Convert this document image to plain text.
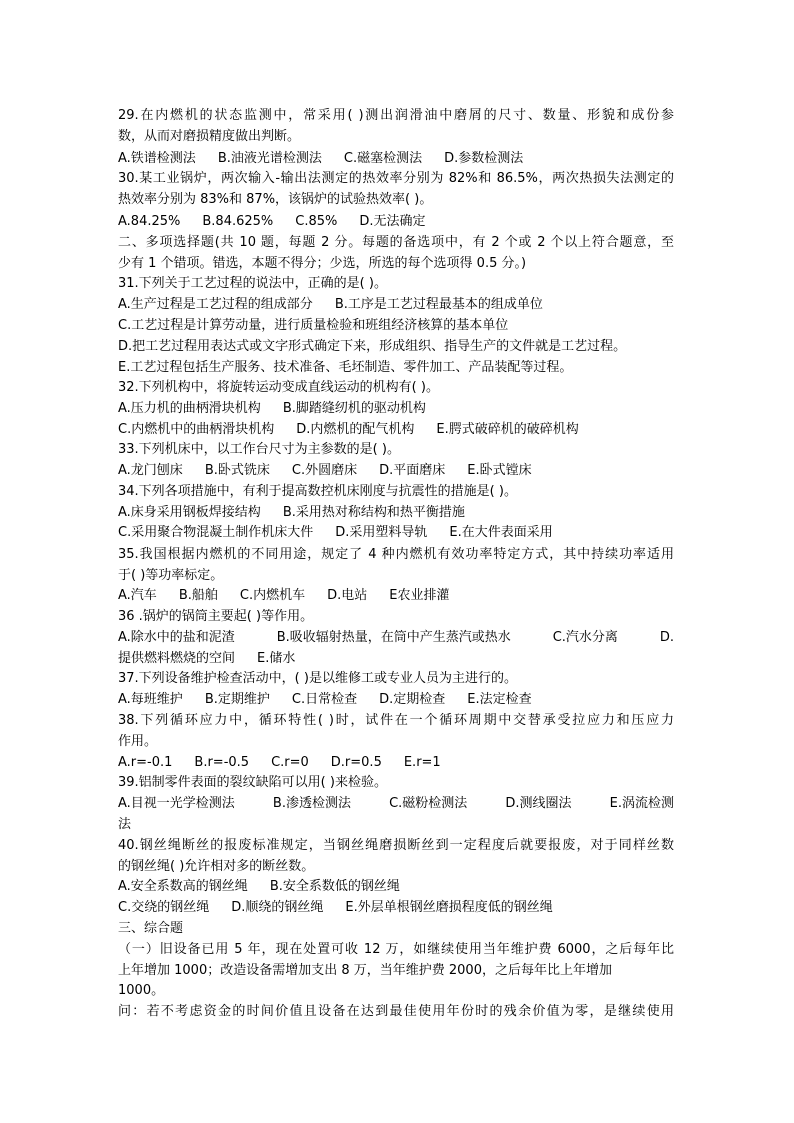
29.在内燃机的状态监测中，常采用( )测出润滑油中磨屑的尺寸、数量、形貌和成份参
数，从而对磨损精度做出判断。
A.铁谱检测法 B.油液光谱检测法 C.磁塞检测法 D.参数检测法
30.某工业锅炉，两次输入-输出法测定的热效率分别为 82%和 86.5%，两次热损失法测定的
热效率分别为 83%和 87%，该锅炉的试验热效率( )。
A.84.25% B.84.625% C.85% D.无法确定
二、多项选择题(共 10 题，每题 2 分。每题的备选项中，有 2 个或 2 个以上符合题意，至
少有 1 个错项。错选，本题不得分；少选，所选的每个选项得 0.5 分。)
31.下列关于工艺过程的说法中，正确的是( )。
A.生产过程是工艺过程的组成部分 B.工序是工艺过程最基本的组成单位
C.工艺过程是计算劳动量，进行质量检验和班组经济核算的基本单位
D.把工艺过程用表达式或文字形式确定下来，形成组织、指导生产的文件就是工艺过程。
E.工艺过程包括生产服务、技术准备、毛坯制造、零件加工、产品装配等过程。
32.下列机构中，将旋转运动变成直线运动的机构有( )。
A.压力机的曲柄滑块机构 B.脚踏缝纫机的驱动机构
C.内燃机中的曲柄滑块机构 D.内燃机的配气机构 E.腭式破碎机的破碎机构
33.下列机床中，以工作台尺寸为主参数的是( )。
A.龙门刨床 B.卧式铣床 C.外圆磨床 D.平面磨床 E.卧式镗床
34.下列各项措施中，有利于提高数控机床刚度与抗震性的措施是( )。
A.床身采用钢板焊接结构 B.采用热对称结构和热平衡措施
C.采用聚合物混凝土制作机床大件 D.采用塑料导轨 E.在大件表面采用
35.我国根据内燃机的不同用途，规定了 4 种内燃机有效功率特定方式，其中持续功率适用
于( )等功率标定。
A.汽车 B.船舶 C.内燃机车 D.电站 E农业排灌
36 .锅炉的锅筒主要起( )等作用。
A.除水中的盐和泥渣	B.吸收辐射热量，在筒中产生蒸汽或热水	C.汽水分离	D.
提供燃料燃烧的空间 E.储水
37.下列设备维护检查活动中，( )是以维修工或专业人员为主进行的。
A.每班维护 B.定期维护 C.日常检查 D.定期检查 E.法定检查
38.下列循环应力中，循环特性( )时，试件在一个循环周期中交替承受拉应力和压应力
作用。
A.r=-0.1 B.r=-0.5 C.r=0 D.r=0.5 E.r=1
39.铝制零件表面的裂纹缺陷可以用( )来检验。
A.目视一光学检测法	B.渗透检测法	C.磁粉检测法	D.测线圈法	E.涡流检测
法
40.钢丝绳断丝的报废标准规定，当钢丝绳磨损断丝到一定程度后就要报废，对于同样丝数
的钢丝绳( )允许相对多的断丝数。
A.安全系数高的钢丝绳 B.安全系数低的钢丝绳
C.交绕的钢丝绳 D.顺绕的钢丝绳 E.外层单根钢丝磨损程度低的钢丝绳
三、综合题
（一）旧设备已用 5 年，现在处置可收 12 万，如继续使用当年维护费 6000，之后每年比
上年增加 1000；改造设备需增加支出 8 万，当年维护费 2000，之后每年比上年增加
1000。
问：若不考虑资金的时间价值且设备在达到最佳使用年份时的残余价值为零，是继续使用
